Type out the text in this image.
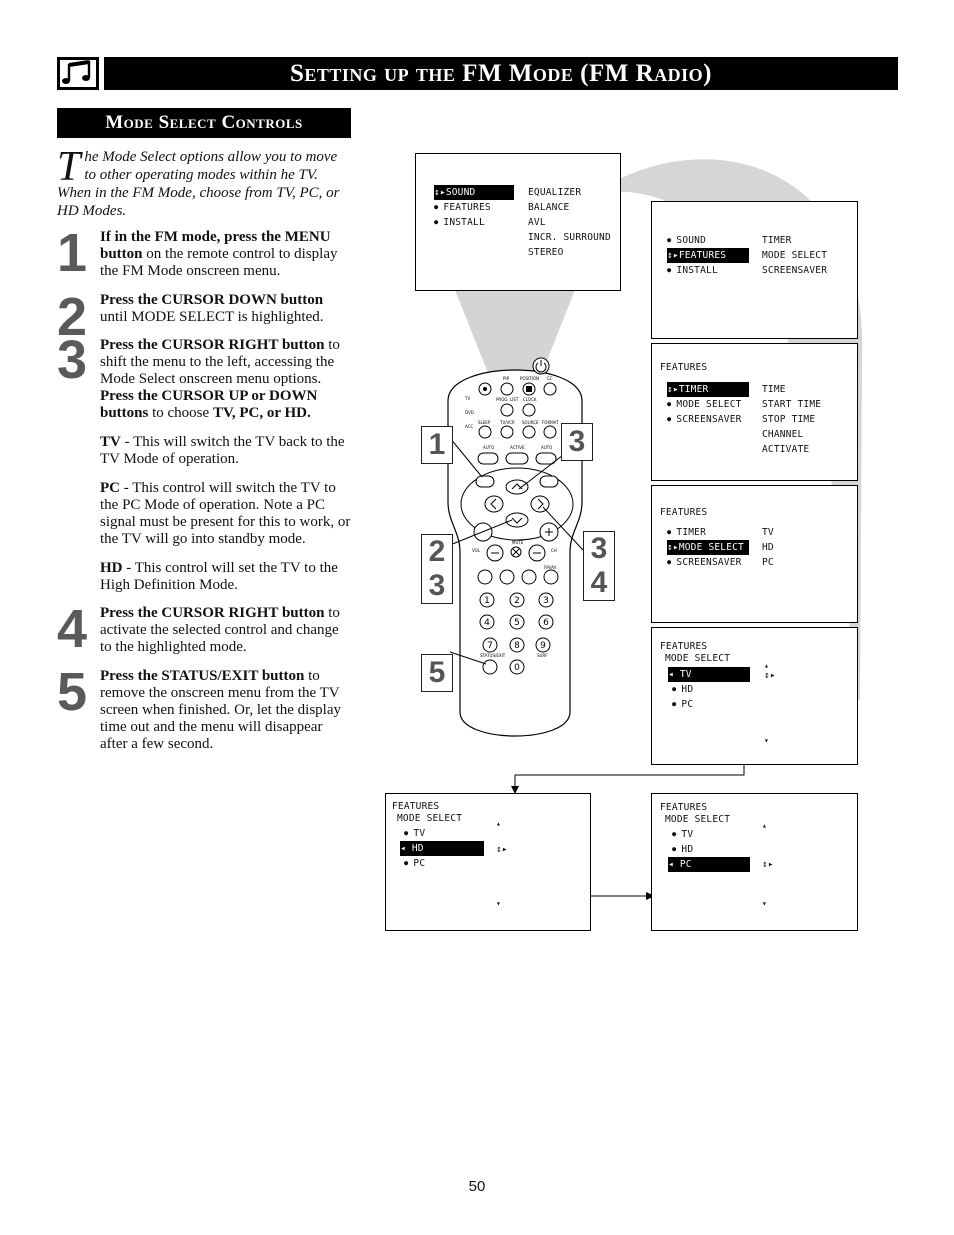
Setting up the FM Mode (FM Radio)
Mode Select Controls
The Mode Select options allow you to move to other operating modes within he TV. When in the FM Mode, choose from TV, PC, or HD Modes.
1
2
3
4
5
If in the FM mode, press the MENU button on the remote control to display the FM Mode onscreen menu.
Press the CURSOR DOWN button until MODE SELECT is highlighted.
Press the CURSOR RIGHT button to shift the menu to the left, accessing the Mode Select onscreen menu options. Press the CURSOR UP or DOWN buttons to choose TV, PC, or HD.
TV - This will switch the TV back to the TV Mode of operation.
PC - This control will switch the TV to the PC Mode of operation. Note a PC signal must be present for this to work, or the TV will go into standby mode.
HD - This control will set the TV to the High Definition Mode.
Press the CURSOR RIGHT button to activate the selected control and change to the highlighted mode.
Press the STATUS/EXIT button to remove the onscreen menu from the TV screen when finished. Or, let the display time out and the menu will disappear after a few second.
PIP	POSITION CC
PROG. LIST CLOCK
SLEEP TV/VCR SOURCE FORMAT
AUTO	ACTIVE	AUTO
VOL
MUTE
CH
FM/AV
STATUS/EXIT	SURF
TV
DVD
ACC
1	2	3
4	5	6
7 8 9
0
1	3
2
3
3
4
5
↕▸SOUND
● FEATURES
● INSTALL
EQUALIZER
BALANCE
AVL
INCR. SURROUND
STEREO
● SOUND
↕▸FEATURES
● INSTALL
TIMER
MODE SELECT
SCREENSAVER
FEATURES
↕▸TIMER
● MODE SELECT
● SCREENSAVER
TIME
START TIME
STOP TIME
CHANNEL
ACTIVATE
FEATURES
● TIMER
↕▸MODE SELECT
● SCREENSAVER
TV
HD
PC
FEATURES
MODE SELECT
◂ TV
● HD
● PC
▴
↕▸
▾
FEATURES
MODE SELECT
● TV
◂ HD
● PC
▴
↕▸
▾
FEATURES
MODE SELECT
● TV
● HD
◂ PC
▴
↕▸
▾
50
